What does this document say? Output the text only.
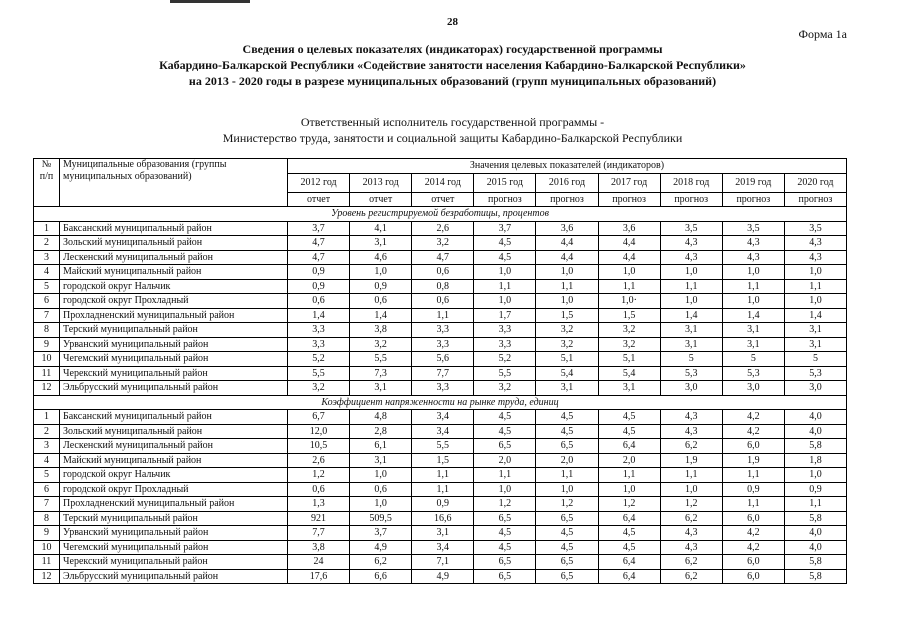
28
Форма 1а
Сведения о целевых показателях (индикаторах) государственной программы
Кабардино-Балкарской Республики «Содействие занятости населения Кабардино-Балкарской Республики»
на 2013 - 2020 годы в разрезе муниципальных образований (групп муниципальных образований)
Ответственный исполнитель государственной программы -
Министерство труда, занятости и социальной защиты Кабардино-Балкарской Республики
№ п/п	Муниципальные образования (группы муниципальных образований)	Значения целевых показателей (индикаторов)								
		2012 год	2013 год	2014 год	2015 год	2016 год	2017 год	2018 год	2019 год	2020 год
		отчет	отчет	отчет	прогноз	прогноз	прогноз	прогноз	прогноз	прогноз
Уровень регистрируемой безработицы, процентов										
1	Баксанский муниципальный район	3,7	4,1	2,6	3,7	3,6	3,6	3,5	3,5	3,5
2	Зольский муниципальный район	4,7	3,1	3,2	4,5	4,4	4,4	4,3	4,3	4,3
3	Лескенский муниципальный район	4,7	4,6	4,7	4,5	4,4	4,4	4,3	4,3	4,3
4	Майский муниципальный район	0,9	1,0	0,6	1,0	1,0	1,0	1,0	1,0	1,0
5	городской округ Нальчик	0,9	0,9	0,8	1,1	1,1	1,1	1,1	1,1	1,1
6	городской округ Прохладный	0,6	0,6	0,6	1,0	1,0	1,0·	1,0	1,0	1,0
7	Прохладненский муниципальный район	1,4	1,4	1,1	1,7	1,5	1,5	1,4	1,4	1,4
8	Терский муниципальный район	3,3	3,8	3,3	3,3	3,2	3,2	3,1	3,1	3,1
9	Урванский муниципальный район	3,3	3,2	3,3	3,3	3,2	3,2	3,1	3,1	3,1
10	Чегемский муниципальный район	5,2	5,5	5,6	5,2	5,1	5,1	5	5	5
11	Черекский муниципальный район	5,5	7,3	7,7	5,5	5,4	5,4	5,3	5,3	5,3
12	Эльбрусский муниципальный район	3,2	3,1	3,3	3,2	3,1	3,1	3,0	3,0	3,0
Коэффициент напряженности на рынке труда, единиц										
1	Баксанский муниципальный район	6,7	4,8	3,4	4,5	4,5	4,5	4,3	4,2	4,0
2	Зольский муниципальный район	12,0	2,8	3,4	4,5	4,5	4,5	4,3	4,2	4,0
3	Лескенский муниципальный район	10,5	6,1	5,5	6,5	6,5	6,4	6,2	6,0	5,8
4	Майский муниципальный район	2,6	3,1	1,5	2,0	2,0	2,0	1,9	1,9	1,8
5	городской округ Нальчик	1,2	1,0	1,1	1,1	1,1	1,1	1,1	1,1	1,0
6	городской округ Прохладный	0,6	0,6	1,1	1,0	1,0	1,0	1,0	0,9	0,9
7	Прохладненский муниципальный район	1,3	1,0	0,9	1,2	1,2	1,2	1,2	1,1	1,1
8	Терский муниципальный район	921	509,5	16,6	6,5	6,5	6,4	6,2	6,0	5,8
9	Урванский муниципальный район	7,7	3,7	3,1	4,5	4,5	4,5	4,3	4,2	4,0
10	Чегемский муниципальный район	3,8	4,9	3,4	4,5	4,5	4,5	4,3	4,2	4,0
11	Черекский муниципальный район	24	6,2	7,1	6,5	6,5	6,4	6,2	6,0	5,8
12	Эльбрусский муниципальный район	17,6	6,6	4,9	6,5	6,5	6,4	6,2	6,0	5,8
